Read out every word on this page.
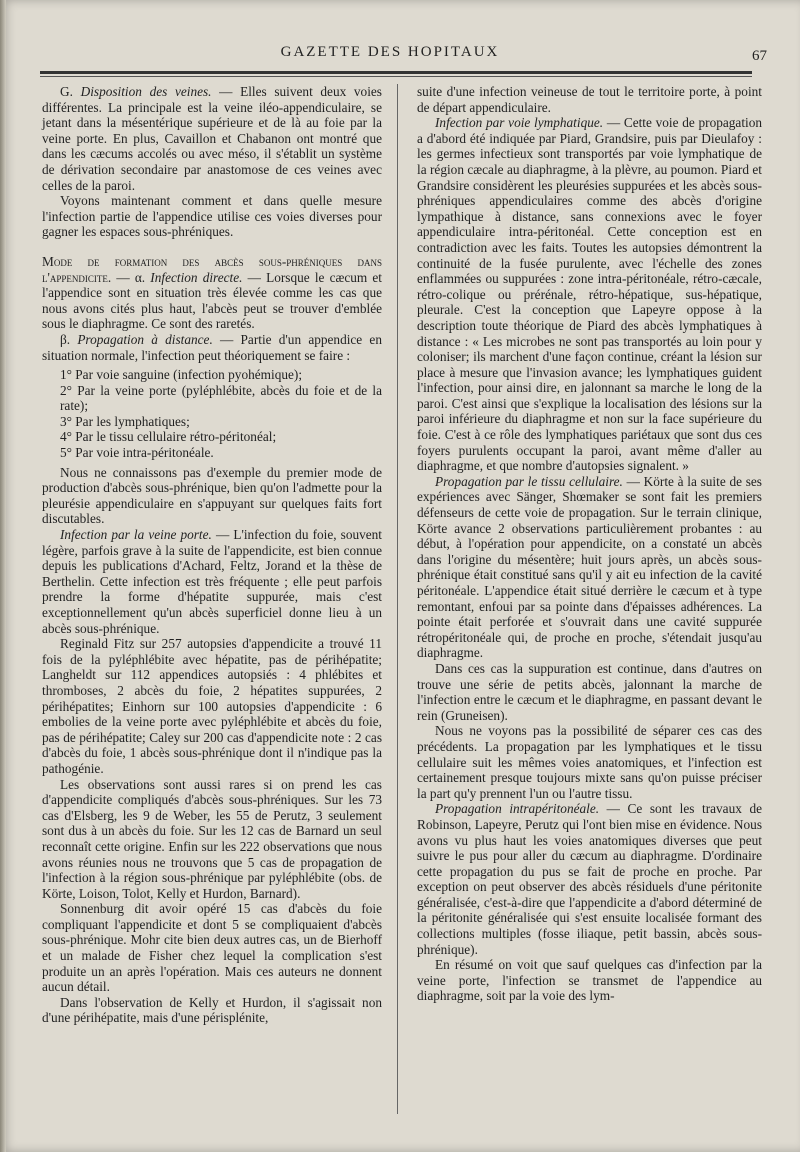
GAZETTE DES HOPITAUX	67

G. Disposition des veines. — Elles suivent deux voies différentes. La principale est la veine iléo-appendiculaire, se jetant dans la mésentérique supérieure et de là au foie par la veine porte. En plus, Cavaillon et Chabanon ont montré que dans les cæcums accolés ou avec méso, il s'établit un système de dérivation secondaire par anastomose de ces veines avec celles de la paroi.

Voyons maintenant comment et dans quelle mesure l'infection partie de l'appendice utilise ces voies diverses pour gagner les espaces sous-phréniques.

Mode de formation des abcès sous-phréniques dans l'appendicite. — α. Infection directe. — Lorsque le cæcum et l'appendice sont en situation très élevée comme les cas que nous avons cités plus haut, l'abcès peut se trouver d'emblée sous le diaphragme. Ce sont des raretés.

β. Propagation à distance. — Partie d'un appendice en situation normale, l'infection peut théoriquement se faire :

1° Par voie sanguine (infection pyohémique);

2° Par la veine porte (pyléphlébite, abcès du foie et de la rate);

3° Par les lymphatiques;

4° Par le tissu cellulaire rétro-péritonéal;

5° Par voie intra-péritonéale.

Nous ne connaissons pas d'exemple du premier mode de production d'abcès sous-phrénique, bien qu'on l'admette pour la pleurésie appendiculaire en s'appuyant sur quelques faits fort discutables.

Infection par la veine porte. — L'infection du foie, souvent légère, parfois grave à la suite de l'appendicite, est bien connue depuis les publications d'Achard, Feltz, Jorand et la thèse de Berthelin. Cette infection est très fréquente ; elle peut parfois prendre la forme d'hépatite suppurée, mais c'est exceptionnellement qu'un abcès superficiel donne lieu à un abcès sous-phrénique.

Reginald Fitz sur 257 autopsies d'appendicite a trouvé 11 fois de la pyléphlébite avec hépatite, pas de périhépatite; Langheldt sur 112 appendices autopsiés : 4 phlébites et thromboses, 2 abcès du foie, 2 hépatites suppurées, 2 périhépatites; Einhorn sur 100 autopsies d'appendicite : 6 embolies de la veine porte avec pyléphlébite et abcès du foie, pas de périhépatite; Caley sur 200 cas d'appendicite note : 2 cas d'abcès du foie, 1 abcès sous-phrénique dont il n'indique pas la pathogénie.

Les observations sont aussi rares si on prend les cas d'appendicite compliqués d'abcès sous-phréniques. Sur les 73 cas d'Elsberg, les 9 de Weber, les 55 de Perutz, 3 seulement sont dus à un abcès du foie. Sur les 12 cas de Barnard un seul reconnaît cette origine. Enfin sur les 222 observations que nous avons réunies nous ne trouvons que 5 cas de propagation de l'infection à la région sous-phrénique par pyléphlébite (obs. de Körte, Loison, Tolot, Kelly et Hurdon, Barnard).

Sonnenburg dit avoir opéré 15 cas d'abcès du foie compliquant l'appendicite et dont 5 se compliquaient d'abcès sous-phrénique. Mohr cite bien deux autres cas, un de Bierhoff et un malade de Fisher chez lequel la complication s'est produite un an après l'opération. Mais ces auteurs ne donnent aucun détail.

Dans l'observation de Kelly et Hurdon, il s'agissait non d'une périhépatite, mais d'une périsplénite,

suite d'une infection veineuse de tout le territoire porte, à point de départ appendiculaire.

Infection par voie lymphatique. — Cette voie de propagation a d'abord été indiquée par Piard, Grandsire, puis par Dieulafoy : les germes infectieux sont transportés par voie lymphatique de la région cæcale au diaphragme, à la plèvre, au poumon. Piard et Grandsire considèrent les pleurésies suppurées et les abcès sous-phréniques appendiculaires comme des abcès d'origine lympathique à distance, sans connexions avec le foyer appendiculaire intra-péritonéal. Cette conception est en contradiction avec les faits. Toutes les autopsies démontrent la continuité de la fusée purulente, avec l'échelle des zones enflammées ou suppurées : zone intra-péritonéale, rétro-cæcale, rétro-colique ou prérénale, rétro-hépatique, sus-hépatique, pleurale. C'est la conception que Lapeyre oppose à la description toute théorique de Piard des abcès lymphatiques à distance : « Les microbes ne sont pas transportés au loin pour y coloniser; ils marchent d'une façon continue, créant la lésion sur place à mesure que l'invasion avance; les lymphatiques guident l'infection, pour ainsi dire, en jalonnant sa marche le long de la paroi. C'est ainsi que s'explique la localisation des lésions sur la paroi inférieure du diaphragme et non sur la face supérieure du foie. C'est à ce rôle des lymphatiques pariétaux que sont dus ces foyers purulents occupant la paroi, avant même d'aller au diaphragme, et que nombre d'autopsies signalent. »

Propagation par le tissu cellulaire. — Körte à la suite de ses expériences avec Sänger, Shœmaker se sont fait les premiers défenseurs de cette voie de propagation. Sur le terrain clinique, Körte avance 2 observations particulièrement probantes : au début, à l'opération pour appendicite, on a constaté un abcès dans l'origine du mésentère; huit jours après, un abcès sous-phrénique était constitué sans qu'il y ait eu infection de la cavité péritonéale. L'appendice était situé derrière le cæcum et à type remontant, enfoui par sa pointe dans d'épaisses adhérences. La pointe était perforée et s'ouvrait dans une cavité suppurée rétropéritonéale qui, de proche en proche, s'étendait jusqu'au diaphragme.

Dans ces cas la suppuration est continue, dans d'autres on trouve une série de petits abcès, jalonnant la marche de l'infection entre le cæcum et le diaphragme, en passant devant le rein (Gruneisen).

Nous ne voyons pas la possibilité de séparer ces cas des précédents. La propagation par les lymphatiques et le tissu cellulaire suit les mêmes voies anatomiques, et l'infection est certainement presque toujours mixte sans qu'on puisse préciser la part qu'y prennent l'un ou l'autre tissu.

Propagation intrapéritonéale. — Ce sont les travaux de Robinson, Lapeyre, Perutz qui l'ont bien mise en évidence. Nous avons vu plus haut les voies anatomiques diverses que peut suivre le pus pour aller du cæcum au diaphragme. D'ordinaire cette propagation du pus se fait de proche en proche. Par exception on peut observer des abcès résiduels d'une péritonite généralisée, c'est-à-dire que l'appendicite a d'abord déterminé de la péritonite généralisée qui s'est ensuite localisée formant des collections multiples (fosse iliaque, petit bassin, abcès sous-phrénique).

En résumé on voit que sauf quelques cas d'infection par la veine porte, l'infection se transmet de l'appendice au diaphragme, soit par la voie des lym-
